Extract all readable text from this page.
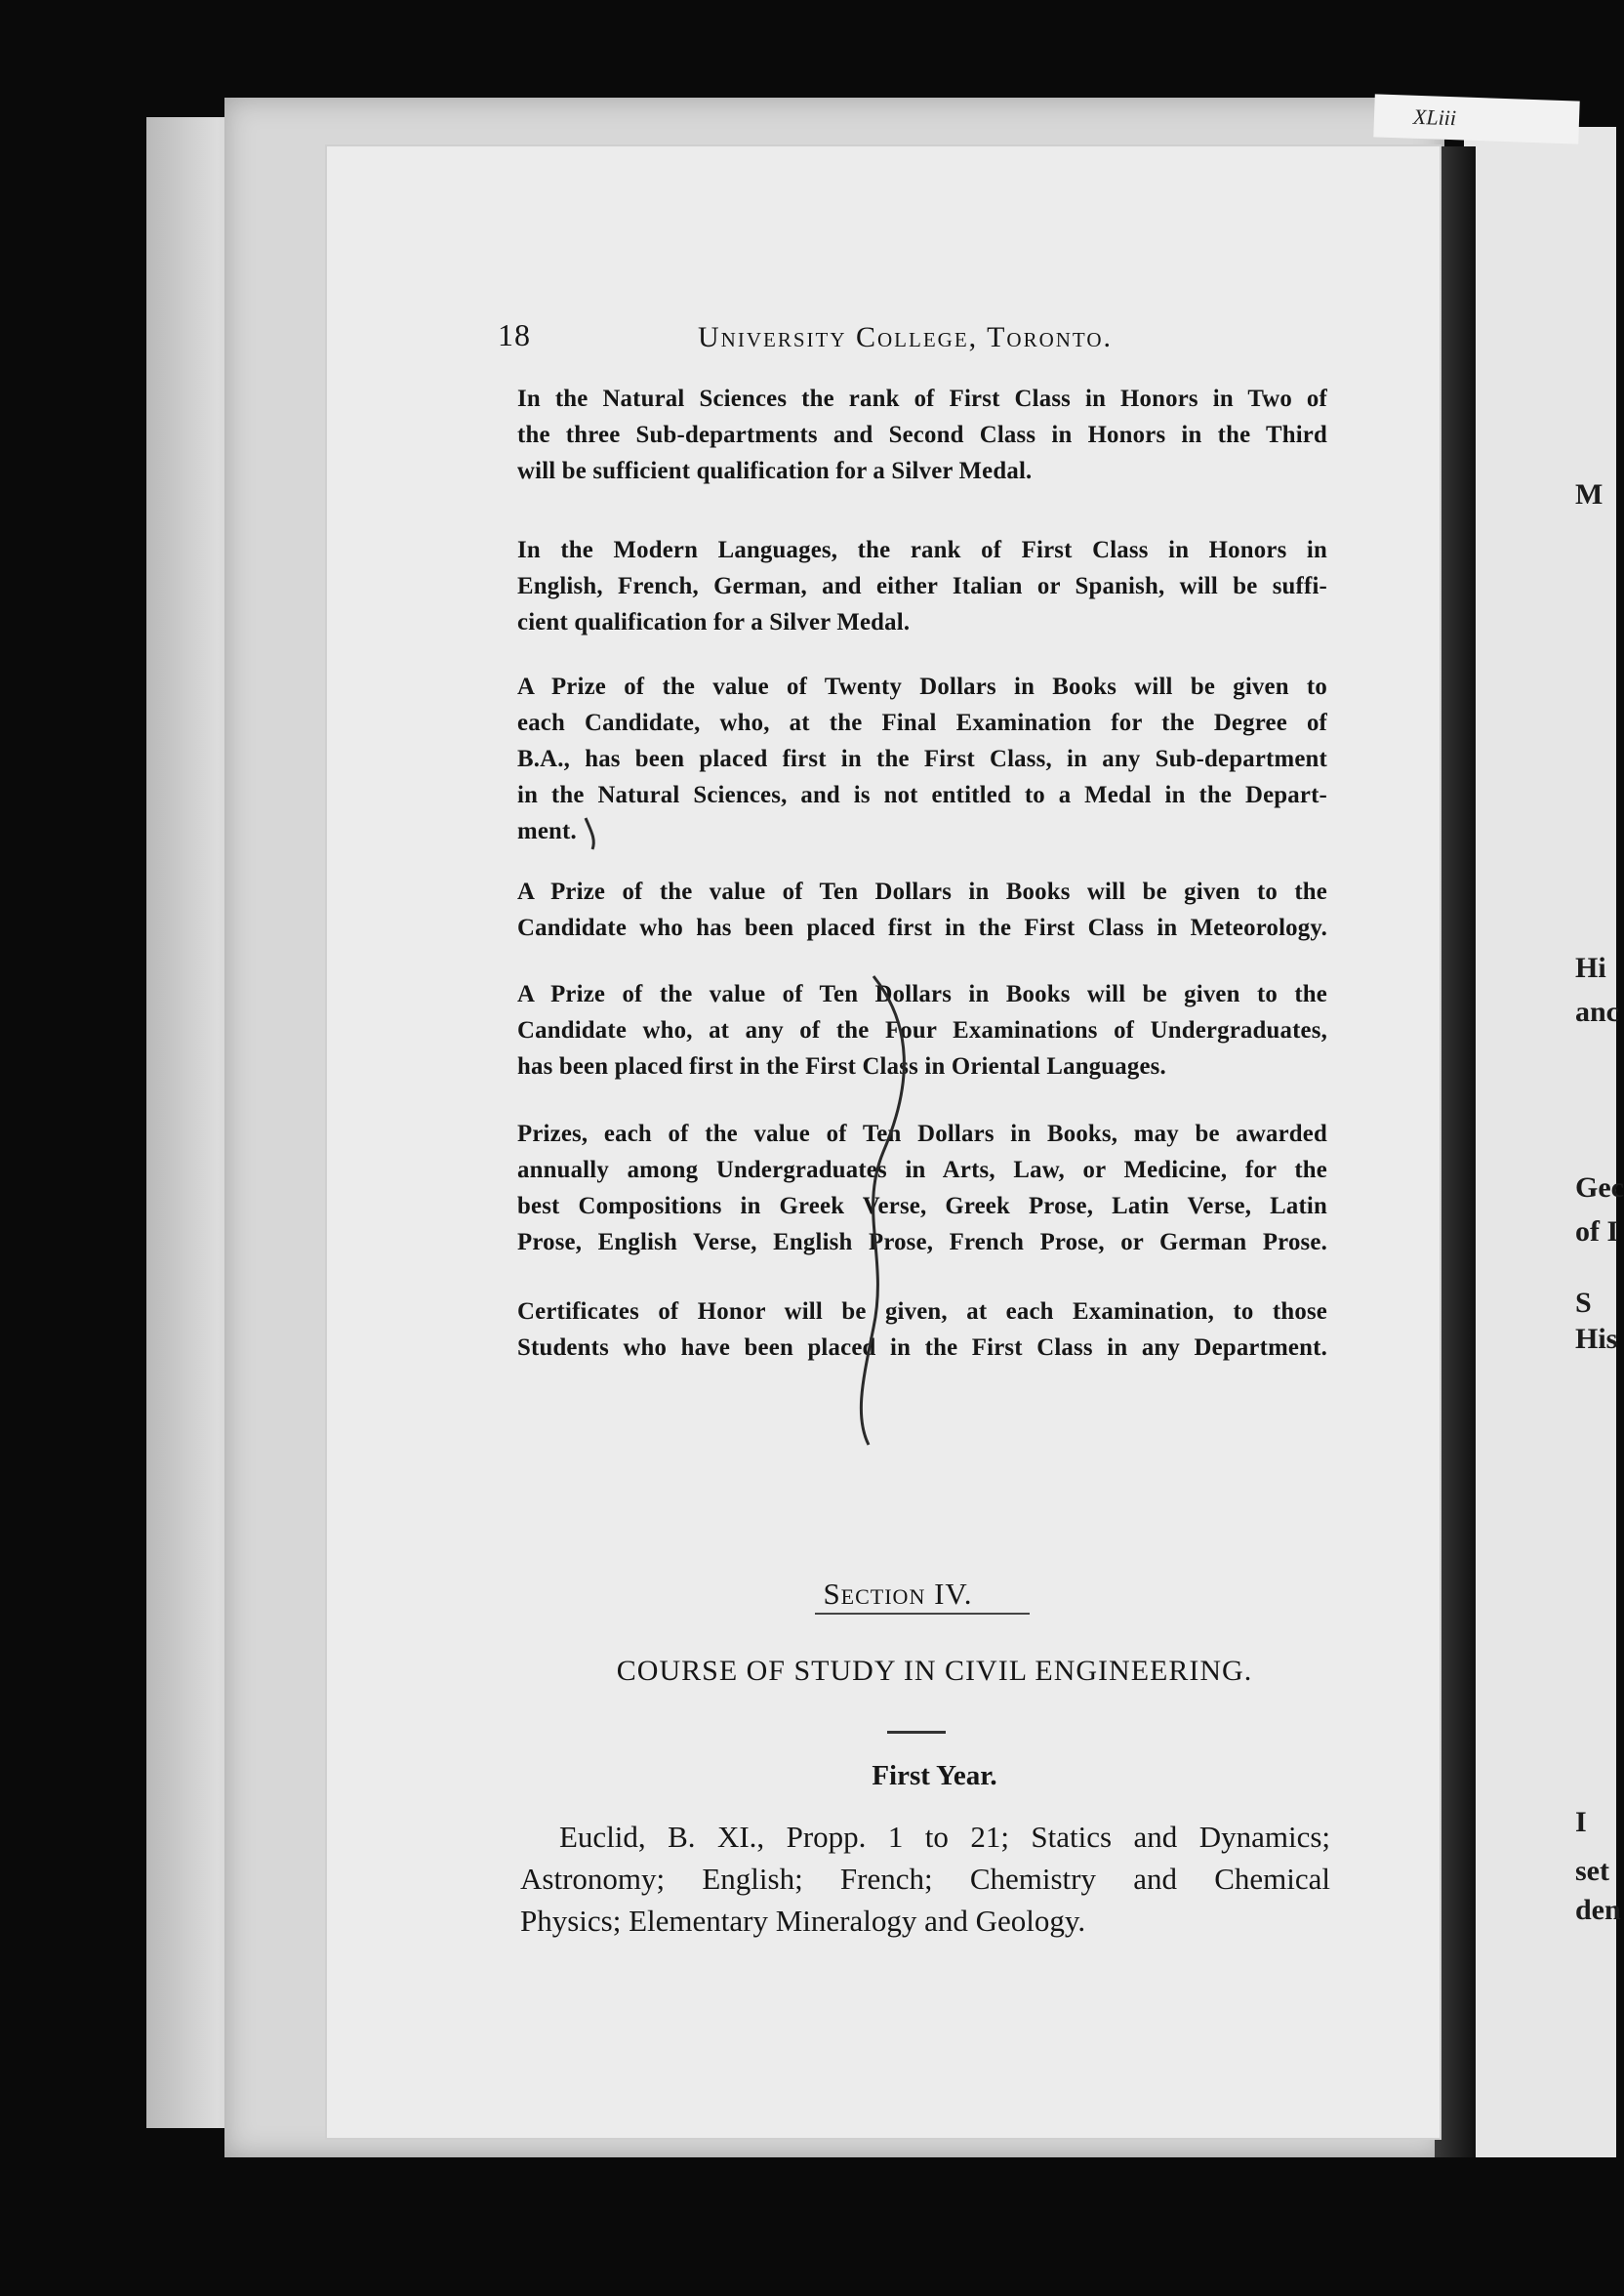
XLiii
M
Hi
anc
Gec
of I
S
His
I
set
den
18	University College, Toronto.
In the Natural Sciences the rank of First Class in Honors in Two of
the three Sub-departments and Second Class in Honors in the Third
will be sufficient qualification for a Silver Medal.
In the Modern Languages, the rank of First Class in Honors in
English, French, German, and either Italian or Spanish, will be suffi-
cient qualification for a Silver Medal.
A Prize of the value of Twenty Dollars in Books will be given to
each Candidate, who, at the Final Examination for the Degree of
B.A., has been placed first in the First Class, in any Sub-department
in the Natural Sciences, and is not entitled to a Medal in the Depart-
ment.
A Prize of the value of Ten Dollars in Books will be given to the
Candidate who has been placed first in the First Class in Meteorology.
A Prize of the value of Ten Dollars in Books will be given to the
Candidate who, at any of the Four Examinations of Undergraduates,
has been placed first in the First Class in Oriental Languages.
Prizes, each of the value of Ten Dollars in Books, may be awarded
annually among Undergraduates in Arts, Law, or Medicine, for the
best Compositions in Greek Verse, Greek Prose, Latin Verse, Latin
Prose, English Verse, English Prose, French Prose, or German Prose.
Certificates of Honor will be given, at each Examination, to those
Students who have been placed in the First Class in any Department.
Section IV.
COURSE OF STUDY IN CIVIL ENGINEERING.
First Year.
Euclid, B. XI., Propp. 1 to 21; Statics and Dynamics;
Astronomy; English; French; Chemistry and Chemical
Physics; Elementary Mineralogy and Geology.
